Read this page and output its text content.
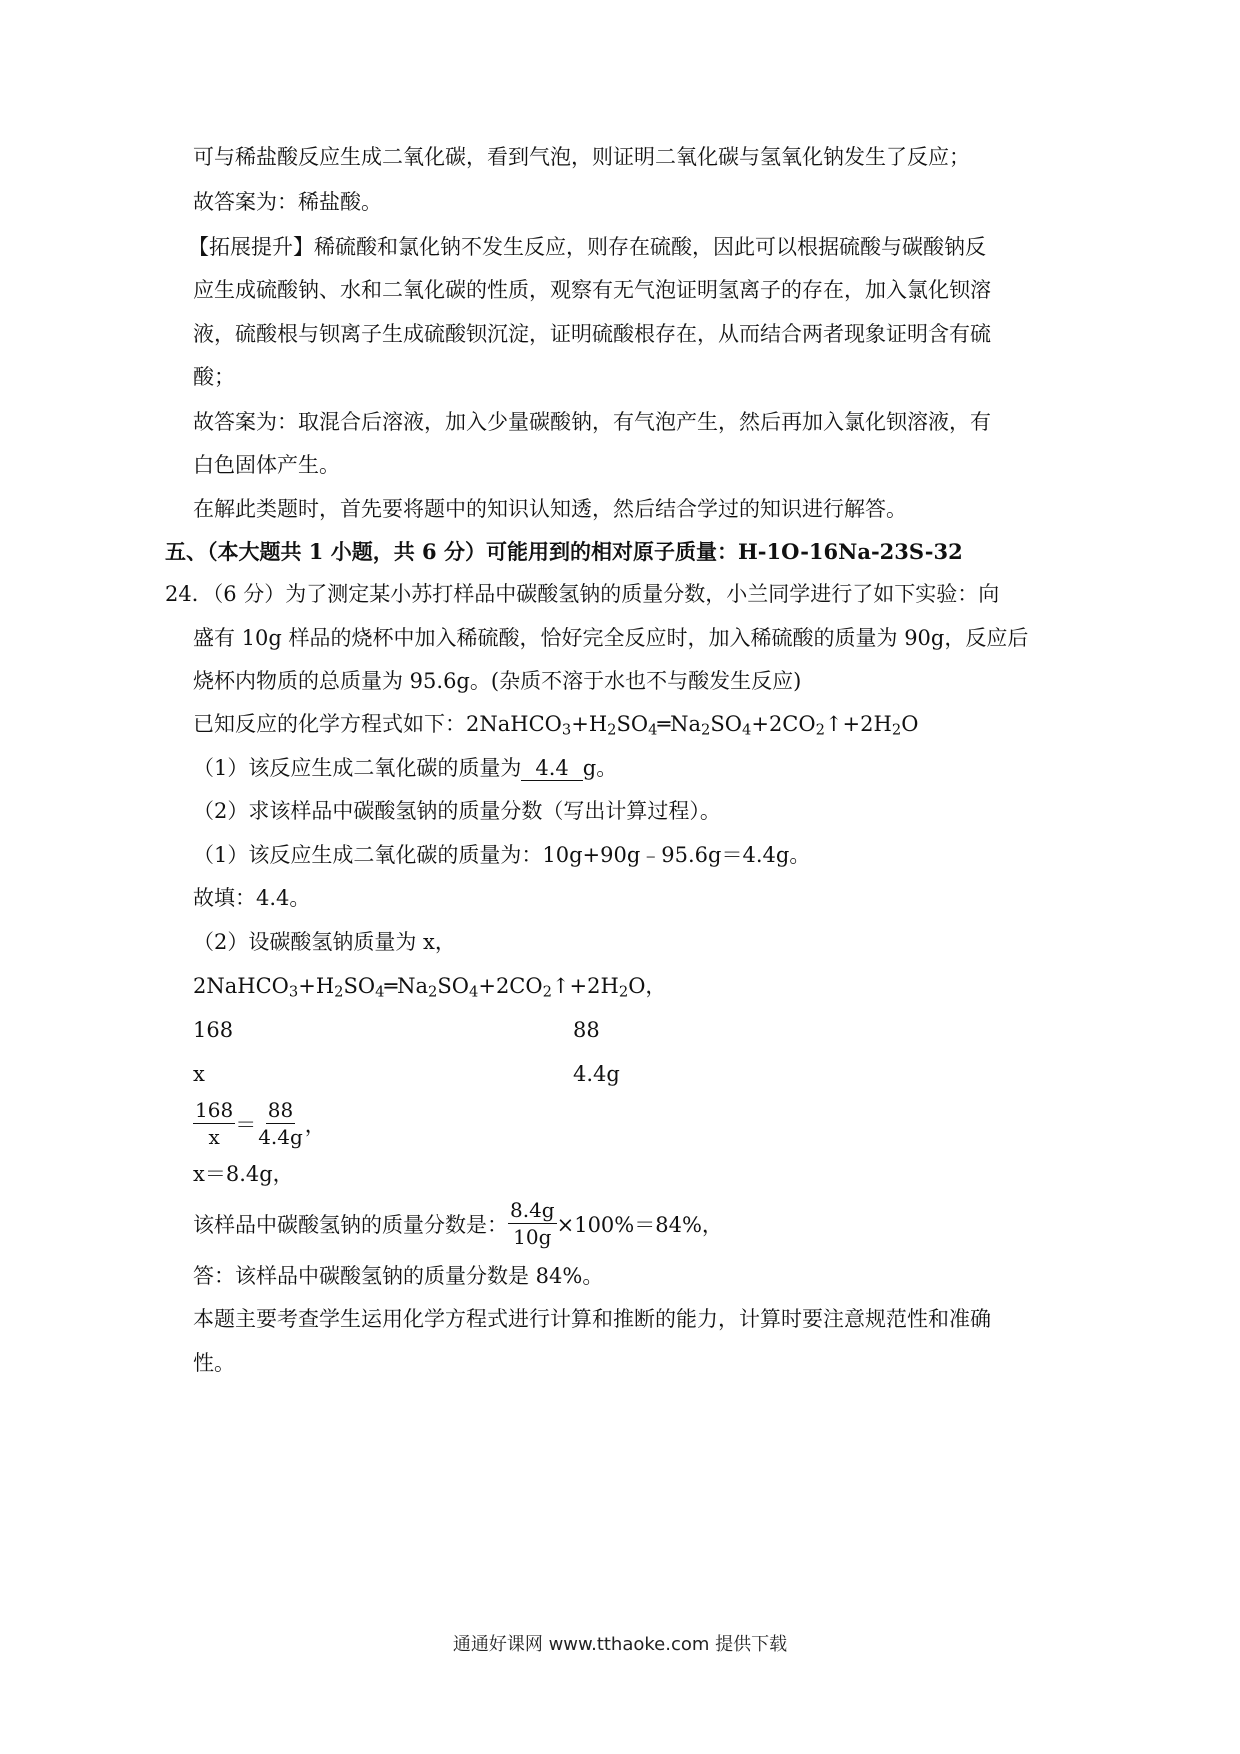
可与稀盐酸反应生成二氧化碳，看到气泡，则证明二氧化碳与氢氧化钠发生了反应；
故答案为：稀盐酸。
【拓展提升】稀硫酸和氯化钠不发生反应，则存在硫酸，因此可以根据硫酸与碳酸钠反
应生成硫酸钠、水和二氧化碳的性质，观察有无气泡证明氢离子的存在，加入氯化钡溶
液，硫酸根与钡离子生成硫酸钡沉淀，证明硫酸根存在，从而结合两者现象证明含有硫
酸；
故答案为：取混合后溶液，加入少量碳酸钠，有气泡产生，然后再加入氯化钡溶液，有
白色固体产生。
在解此类题时，首先要将题中的知识认知透，然后结合学过的知识进行解答。
五、（本大题共 1 小题，共 6 分）可能用到的相对原子质量：H-1O-16Na-23S-32
24．（6 分）为了测定某小苏打样品中碳酸氢钠的质量分数，小兰同学进行了如下实验：向
盛有 10g 样品的烧杯中加入稀硫酸，恰好完全反应时，加入稀硫酸的质量为 90g，反应后
烧杯内物质的总质量为 95.6g。(杂质不溶于水也不与酸发生反应)
已知反应的化学方程式如下：$2NaHCO_3+H_2SO_4═Na_2SO_4+2CO_2↑+2H_2O$
（1）该反应生成二氧化碳的质量为 4.4 g。
（2）求该样品中碳酸氢钠的质量分数（写出计算过程）。
（1）该反应生成二氧化碳的质量为：10g+90g﹣95.6g＝4.4g。
故填：4.4。
（2）设碳酸氢钠质量为 x，
$2NaHCO_3+H_2SO_4═Na_2SO_4+2CO_2↑+2H_2O$，
168	88
x	4.4g
$\frac{168}{x} = \frac{88}{4.4g}$ ，
x＝8.4g，
该样品中碳酸氢钠的质量分数是： $\frac{8.4g}{10g} \times 100\%=84\%$，
答：该样品中碳酸氢钠的质量分数是 84%。
本题主要考查学生运用化学方程式进行计算和推断的能力，计算时要注意规范性和准确
性。
通通好课网 www.tthaoke.com 提供下载
